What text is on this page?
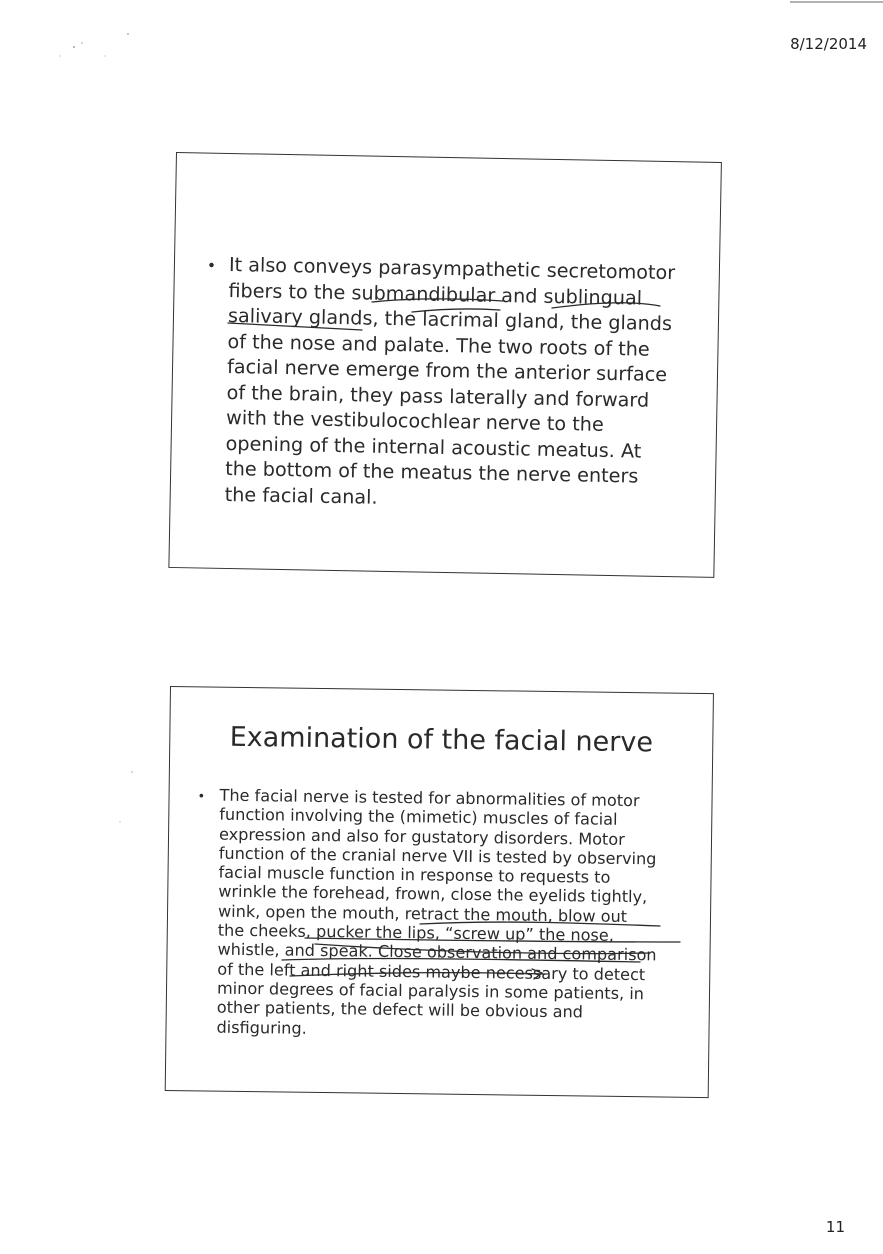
8/12/2014
• It also conveys parasympathetic secretomotor fibers to the submandibular and sublingual salivary glands, the lacrimal gland, the glands of the nose and palate. The two roots of the facial nerve emerge from the anterior surface of the brain, they pass laterally and forward with the vestibulocochlear nerve to the opening of the internal acoustic meatus. At the bottom of the meatus the nerve enters the facial canal.

Examination of the facial nerve
• The facial nerve is tested for abnormalities of motor function involving the (mimetic) muscles of facial expression and also for gustatory disorders. Motor function of the cranial nerve VII is tested by observing facial muscle function in response to requests to wrinkle the forehead, frown, close the eyelids tightly, wink, open the mouth, retract the mouth, blow out the cheeks, pucker the lips, “screw up” the nose, whistle, and speak. Close observation and comparison of the left and right sides maybe necessary to detect minor degrees of facial paralysis in some patients, in other patients, the defect will be obvious and disfiguring.

11
